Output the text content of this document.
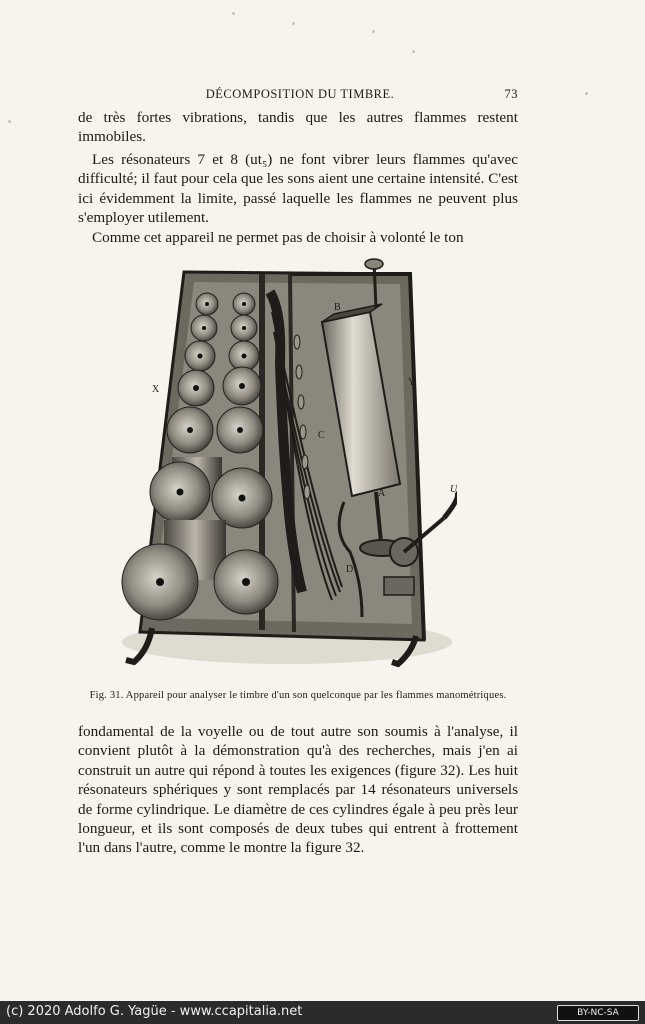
DÉCOMPOSITION DU TIMBRE.	73

de très fortes vibrations, tandis que les autres flammes restent immobiles.

Les résonateurs 7 et 8 (ut₅) ne font vibrer leurs flammes qu'avec difficulté; il faut pour cela que les sons aient une certaine intensité. C'est ici évidemment la limite, passé laquelle les flammes ne peuvent plus s'employer utilement.

Comme cet appareil ne permet pas de choisir à volonté le ton

X
Y
B
C
A
D
U
Fig. 31. Appareil pour analyser le timbre d'un son quelconque par les flammes manométriques.

fondamental de la voyelle ou de tout autre son soumis à l'analyse, il convient plutôt à la démonstration qu'à des recherches, mais j'en ai construit un autre qui répond à toutes les exigences (figure 32). Les huit résonateurs sphériques y sont remplacés par 14 résonateurs universels de forme cylindrique. Le diamètre de ces cylindres égale à peu près leur longueur, et ils sont composés de deux tubes qui entrent à frottement l'un dans l'autre, comme le montre la figure 32.

(c) 2020 Adolfo G. Yagüe - www.ccapitalia.net	BY-NC-SA
